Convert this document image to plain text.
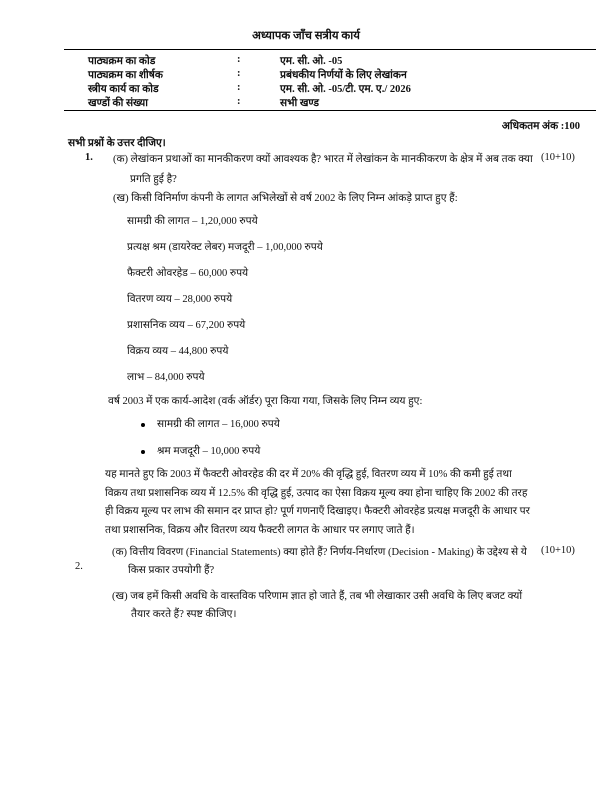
अध्यापक जाँच सत्रीय कार्य
पाठ्यक्रम का कोड	:	एम. सी. ओ. -05
पाठ्यक्रम का शीर्षक	:	प्रबंधकीय निर्णयों के लिए लेखांकन
स्त्रीय कार्य का कोड	:	एम. सी. ओ. -05/टी. एम. ए./ 2026
खण्डों की संख्या	:	सभी खण्ड
अधिकतम अंक :100
सभी प्रश्नों के उत्तर दीजिए।
1. (क) लेखांकन प्रथाओं का मानकीकरण क्यों आवश्यक है? भारत में लेखांकन के मानकीकरण के क्षेत्र में अब तक क्या (10+10)
प्रगति हुई है?
(ख) किसी विनिर्माण कंपनी के लागत अभिलेखों से वर्ष 2002 के लिए निम्न आंकड़े प्राप्त हुए हैं:
सामग्री की लागत – 1,20,000 रुपये
प्रत्यक्ष श्रम (डायरेक्ट लेबर) मजदूरी – 1,00,000 रुपये
फैक्टरी ओवरहेड – 60,000 रुपये
वितरण व्यय – 28,000 रुपये
प्रशासनिक व्यय – 67,200 रुपये
विक्रय व्यय – 44,800 रुपये
लाभ – 84,000 रुपये
वर्ष 2003 में एक कार्य-आदेश (वर्क ऑर्डर) पूरा किया गया, जिसके लिए निम्न व्यय हुए:
सामग्री की लागत – 16,000 रुपये
श्रम मजदूरी – 10,000 रुपये
यह मानते हुए कि 2003 में फैक्टरी ओवरहेड की दर में 20% की वृद्धि हुई, वितरण व्यय में 10% की कमी हुई तथा
विक्रय तथा प्रशासनिक व्यय में 12.5% की वृद्धि हुई, उत्पाद का ऐसा विक्रय मूल्य क्या होना चाहिए कि 2002 की तरह
ही विक्रय मूल्य पर लाभ की समान दर प्राप्त हो? पूर्ण गणनाएँ दिखाइए। फैक्टरी ओवरहेड प्रत्यक्ष मजदूरी के आधार पर
तथा प्रशासनिक, विक्रय और वितरण व्यय फैक्टरी लागत के आधार पर लगाए जाते हैं।
(क) वित्तीय विवरण (Financial Statements) क्या होते हैं? निर्णय-निर्धारण (Decision - Making) के उद्देश्य से ये (10+10)
2.	किस प्रकार उपयोगी हैं?
(ख) जब हमें किसी अवधि के वास्तविक परिणाम ज्ञात हो जाते हैं, तब भी लेखाकार उसी अवधि के लिए बजट क्यों
तैयार करते हैं? स्पष्ट कीजिए।
